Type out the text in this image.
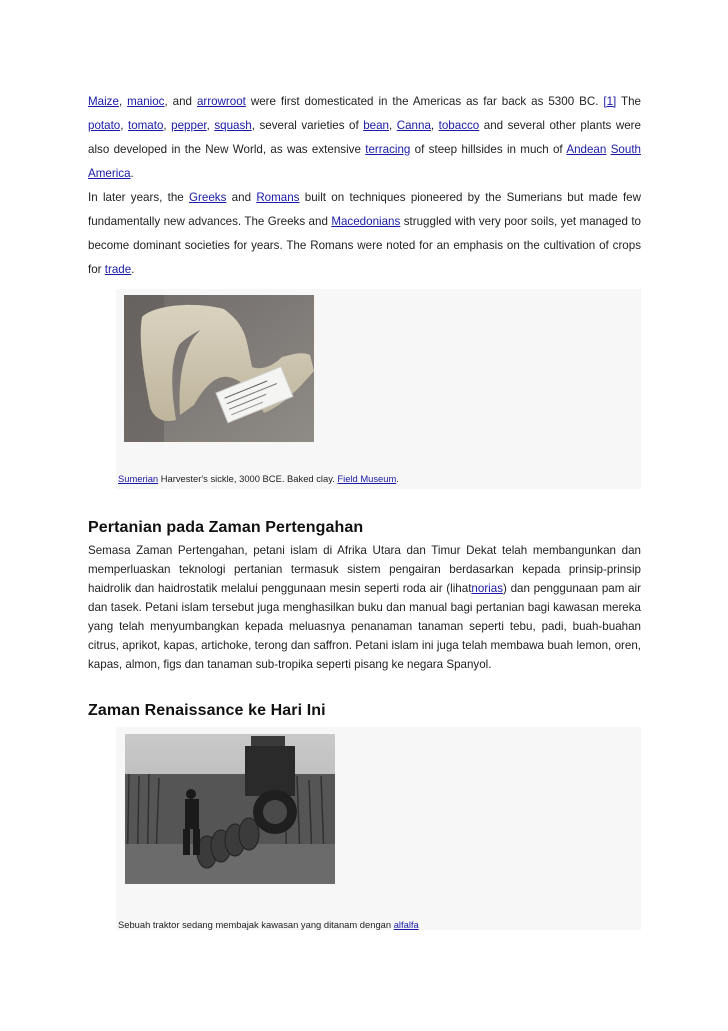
Maize, manioc, and arrowroot were first domesticated in the Americas as far back as 5300 BC. [1] The potato, tomato, pepper, squash, several varieties of bean, Canna, tobacco and several other plants were also developed in the New World, as was extensive terracing of steep hillsides in much of Andean South America.

In later years, the Greeks and Romans built on techniques pioneered by the Sumerians but made few fundamentally new advances. The Greeks and Macedonians struggled with very poor soils, yet managed to become dominant societies for years. The Romans were noted for an emphasis on the cultivation of crops for trade.

Sumerian Harvester's sickle, 3000 BCE. Baked clay. Field Museum.
Pertanian pada Zaman Pertengahan

Semasa Zaman Pertengahan, petani islam di Afrika Utara dan Timur Dekat telah membangunkan dan memperluaskan teknologi pertanian termasuk sistem pengairan berdasarkan kepada prinsip-prinsip haidrolik dan haidrostatik melalui penggunaan mesin seperti roda air (lihatnorias) dan penggunaan pam air dan tasek. Petani islam tersebut juga menghasilkan buku dan manual bagi pertanian bagi kawasan mereka yang telah menyumbangkan kepada meluasnya penanaman tanaman seperti tebu, padi, buah-buahan citrus, aprikot, kapas, artichoke, terong dan saffron. Petani islam ini juga telah membawa buah lemon, oren, kapas, almon, figs dan tanaman sub-tropika seperti pisang ke negara Spanyol.

Zaman Renaissance ke Hari Ini
Sebuah traktor sedang membajak kawasan yang ditanam dengan alfalfa
